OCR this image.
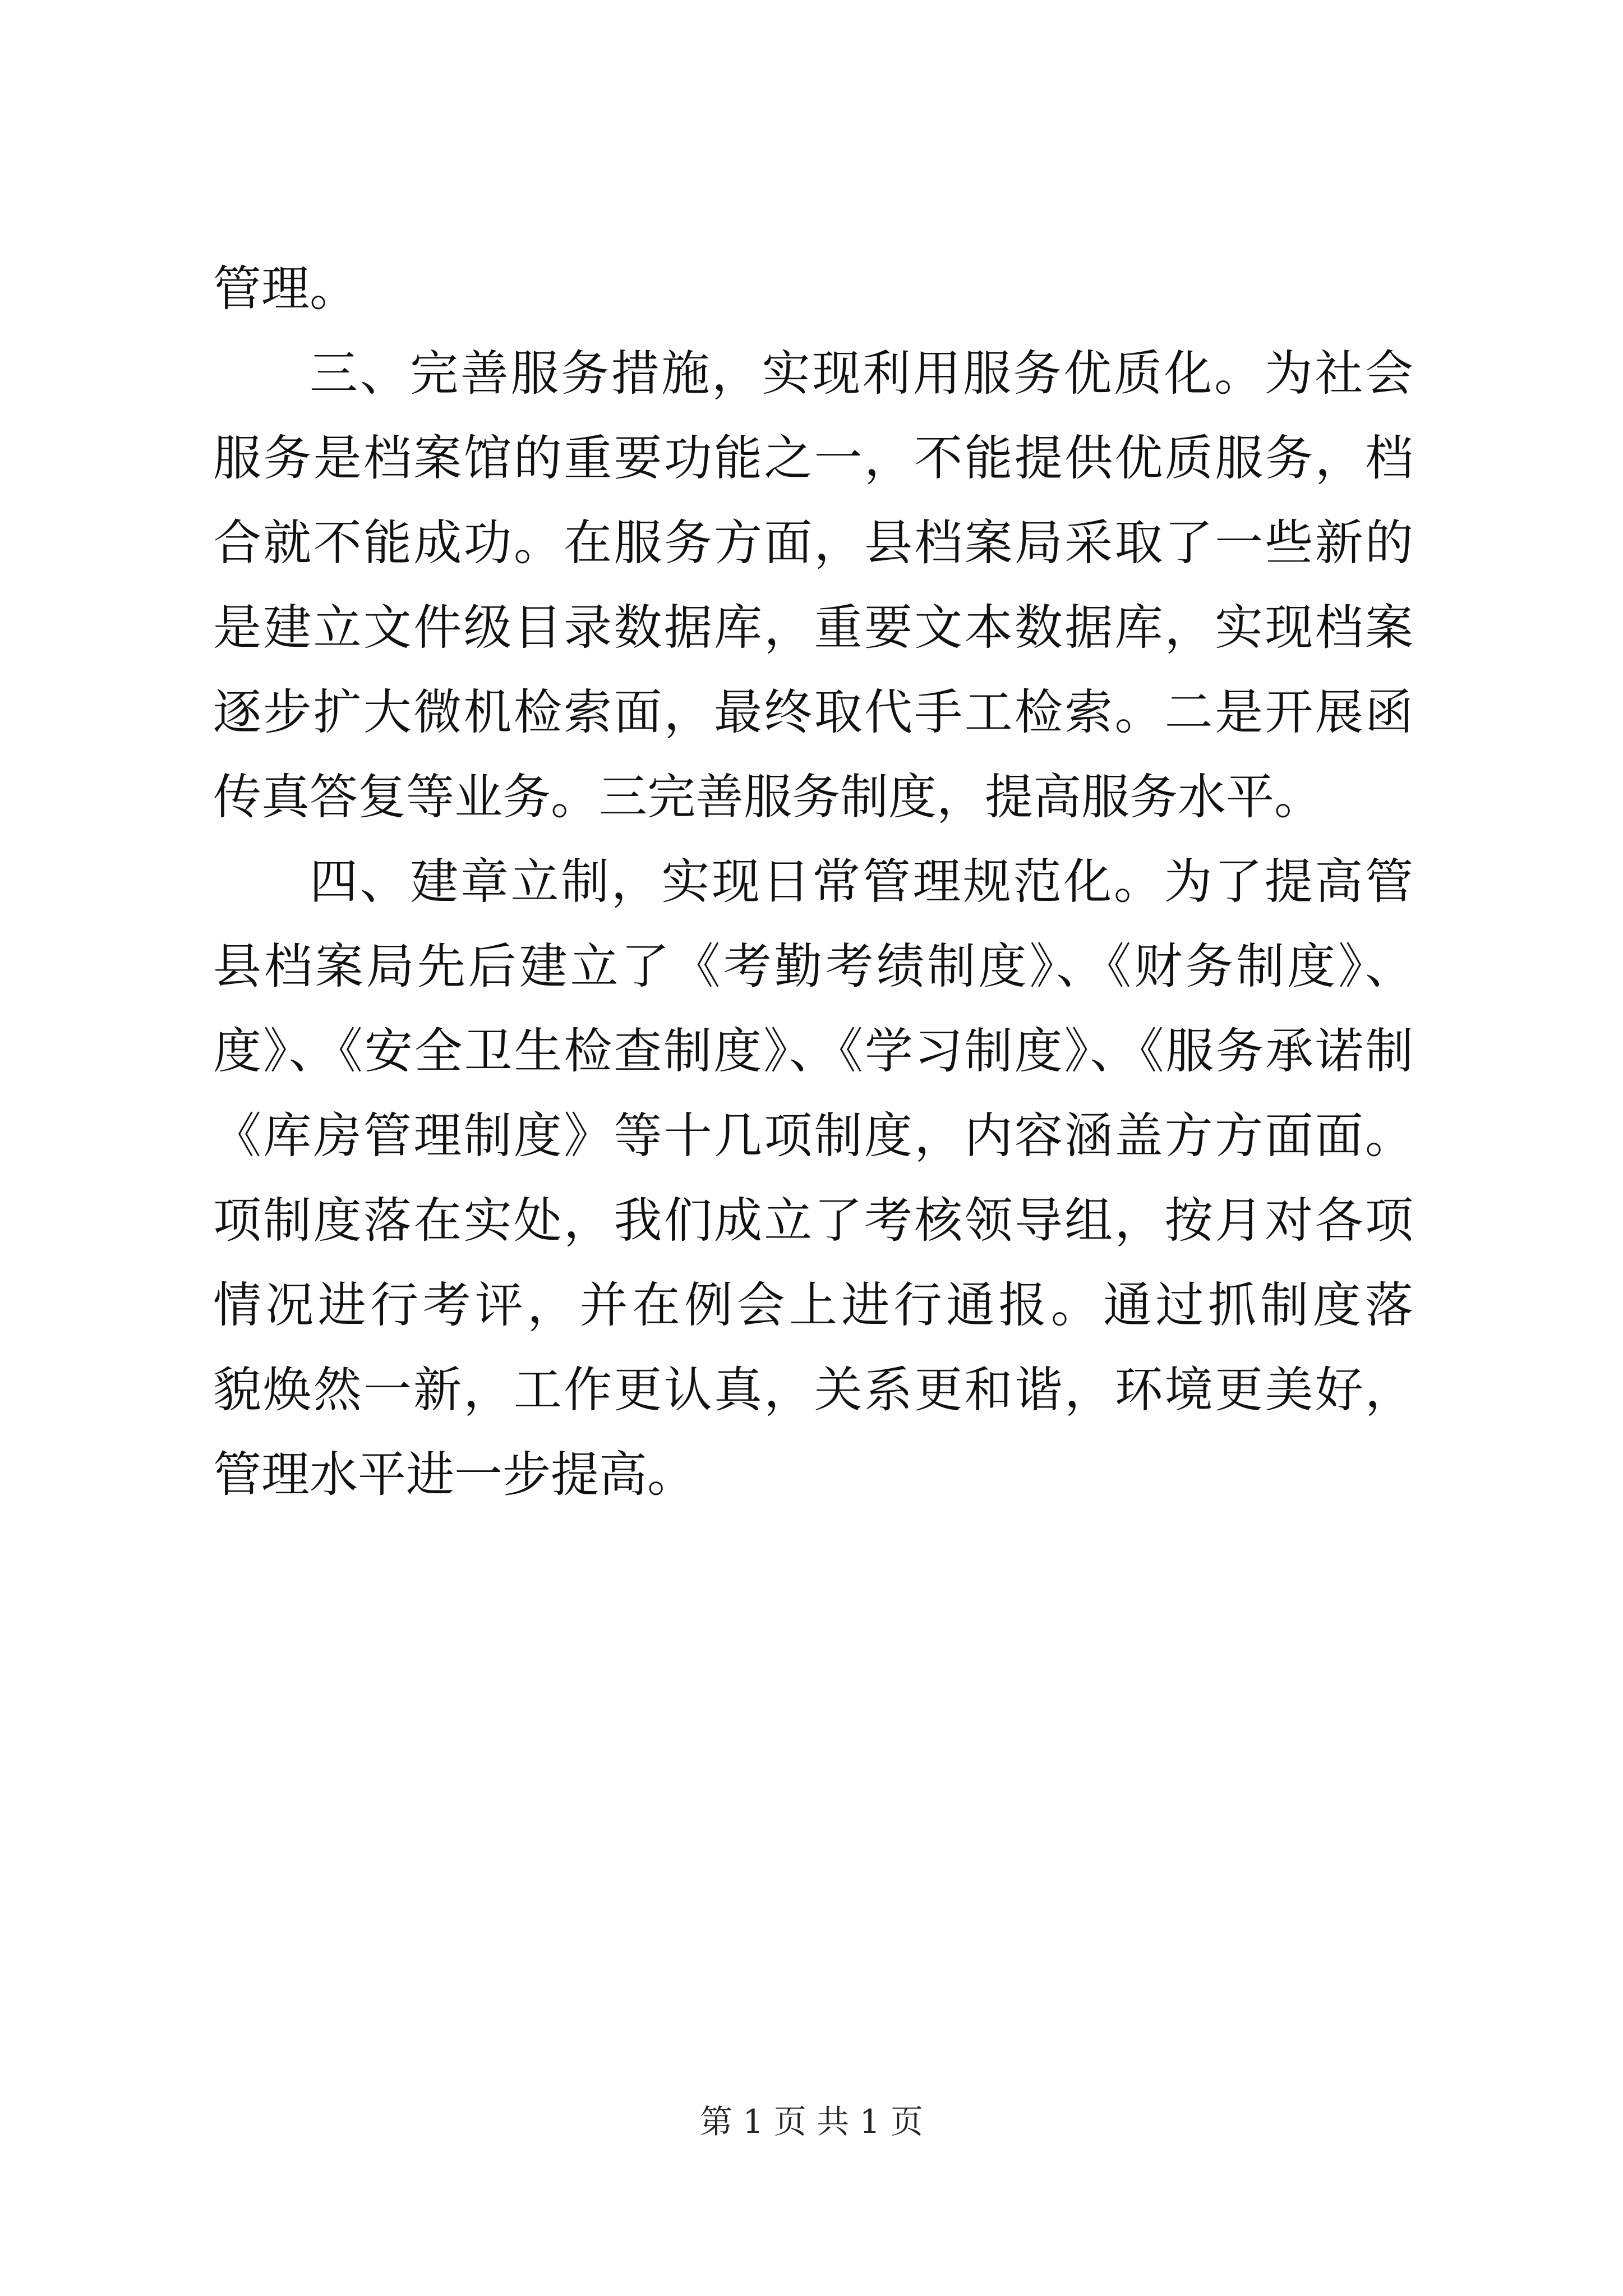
管理。
三、完善服务措施，实现利用服务优质化。为社会
服务是档案馆的重要功能之一，不能提供优质服务，档
合就不能成功。在服务方面，县档案局采取了一些新的
是建立文件级目录数据库，重要文本数据库，实现档案
逐步扩大微机检索面，最终取代手工检索。二是开展函
传真答复等业务。三完善服务制度，提高服务水平。
四、建章立制，实现日常管理规范化。为了提高管
县档案局先后建立了《考勤考绩制度》、《财务制度》、
度》、《安全卫生检查制度》、《学习制度》、《服务承诺制
《库房管理制度》等十几项制度，内容涵盖方方面面。
项制度落在实处，我们成立了考核领导组，按月对各项
情况进行考评，并在例会上进行通报。通过抓制度落
貌焕然一新，工作更认真，关系更和谐，环境更美好，
管理水平进一步提高。
第 1 页 共 1 页
